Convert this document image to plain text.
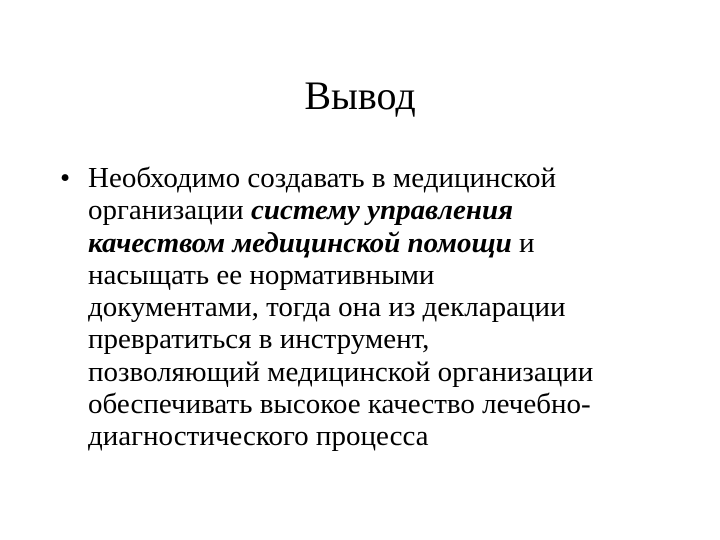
Вывод
• Необходимо создавать в медицинской
организации систему управления
качеством медицинской помощи и
насыщать ее нормативными
документами, тогда она из декларации
превратиться в инструмент,
позволяющий медицинской организации
обеспечивать высокое качество лечебно-
диагностического процесса
